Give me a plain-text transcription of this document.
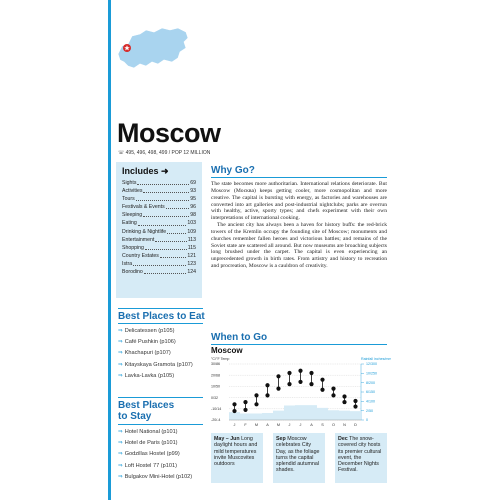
Moscow
☏ 495, 496, 498, 499 / POP 12 MILLION
Includes ➜
Sights	69
Activities	93
Tours	95
Festivals & Events	96
Sleeping	98
Eating	103
Drinking & Nightlife	109
Entertainment	113
Shopping	115
Country Estates	121
Istra	123
Borodino	124
Why Go?

The state becomes more authoritarian. International relations deteriorate. But Moscow (Москва) keeps getting cooler, more cosmopolitan and more creative. The capital is bursting with energy, as factories and warehouses are converted into art galleries and post-industrial nightclubs; parks are overrun with healthy, active, sporty types; and chefs experiment with their own interpretations of international cooking.

The ancient city has always been a haven for history buffs: the red-brick towers of the Kremlin occupy the founding site of Moscow; monuments and churches remember fallen heroes and victorious battles; and remains of the Soviet state are scattered all around. But now museums are broaching subjects long brushed under the carpet. The capital is even experiencing an unprecedented growth in birth rates. From artistry and history to recreation and procreation, Moscow is a cauldron of creativity.

Best Places to Eat
⇒ Delicatessen (p105)
⇒ Café Pushkin (p106)
⇒ Khachapuri (p107)
⇒ Kitayskaya Gramota (p107)
⇒ Lavka-Lavka (p105)
Best Places
to Stay
⇒ Hotel National (p101)
⇒ Hotel de Paris (p101)
⇒ Godzillas Hostel (p99)
⇒ Loft Hostel 77 (p101)
⇒ Bulgakov Mini-Hotel (p102)
When to Go
Moscow
°C/°F Temp	Rainfall inches/mm
30/86
20/68
10/50
0/32
-10/14
-20/-4
12/300
10/250
8/200
6/150
4/100
2/50
0
J F M A M J J A S O N D
May – Jun Long daylight hours and mild temperatures invite Muscovites outdoors
Sep Moscow celebrates City Day, as the foliage turns the capital splendid autumnal shades.
Dec The snow-covered city hosts its premier cultural event, the December Nights Festival.
